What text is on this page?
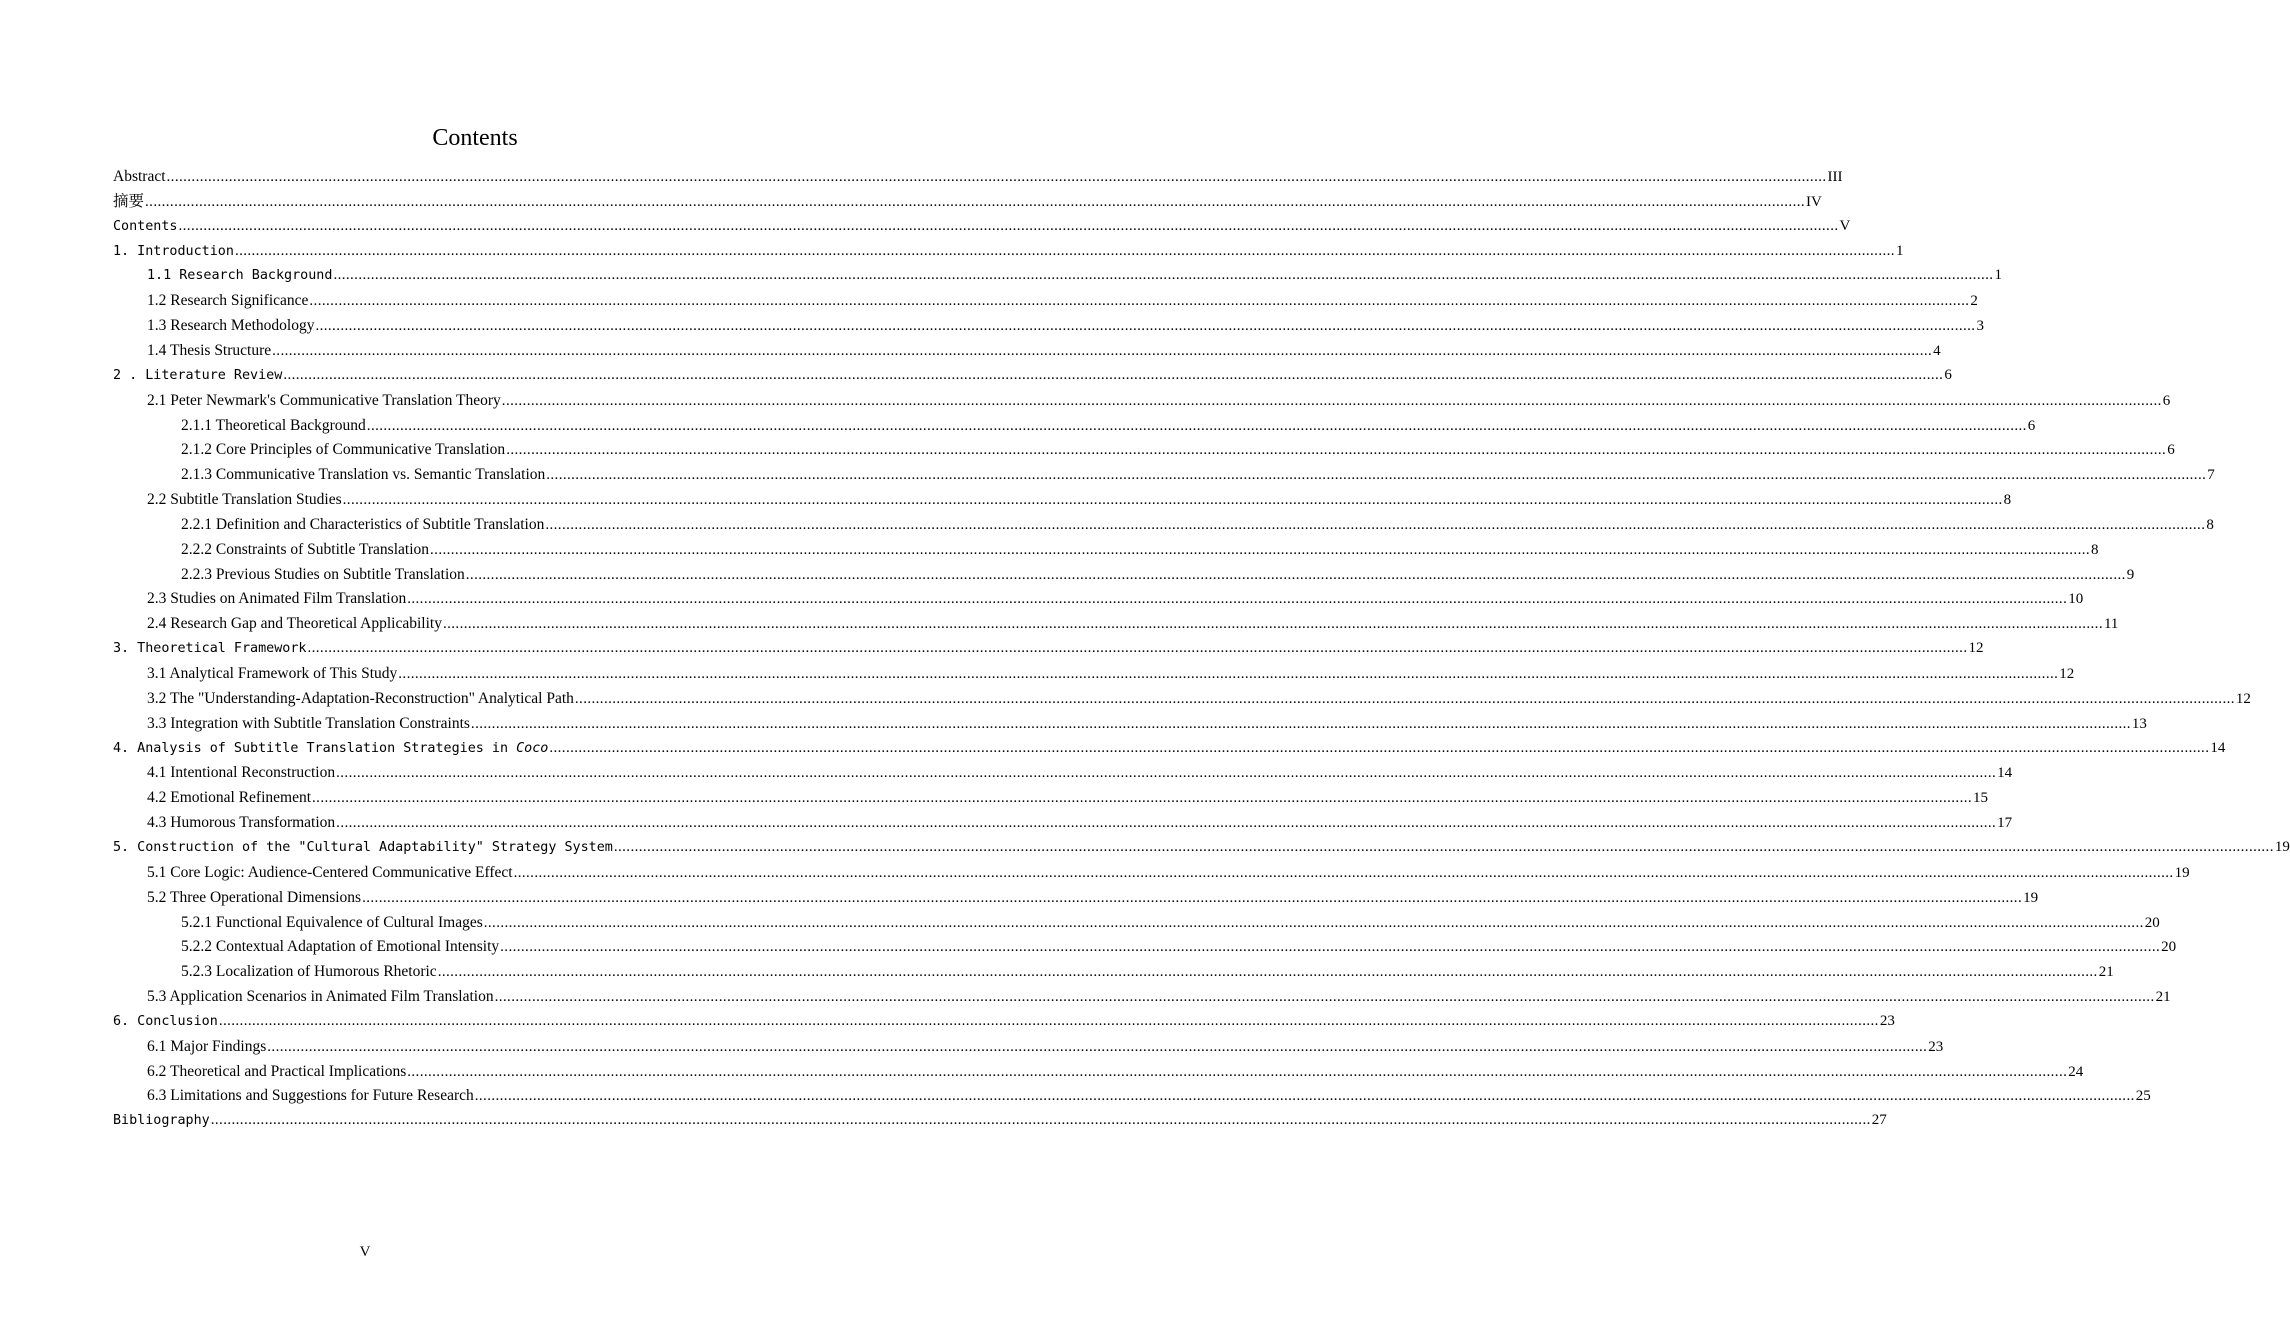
Contents
Abstract ................................................................................................................................................................................................................................................................................................................................................................................................................ III
摘要 ................................................................................................................................................................................................................................................................................................................................................................................................................ IV
Contents ................................................................................................................................................................................................................................................................................................................................................................................................................ V
1. Introduction ................................................................................................................................................................................................................................................................................................................................................................................................................ 1
1.1 Research Background ................................................................................................................................................................................................................................................................................................................................................................................................................ 1
1.2 Research Significance ................................................................................................................................................................................................................................................................................................................................................................................................................ 2
1.3 Research Methodology ................................................................................................................................................................................................................................................................................................................................................................................................................ 3
1.4 Thesis Structure ................................................................................................................................................................................................................................................................................................................................................................................................................ 4
2 . Literature Review ................................................................................................................................................................................................................................................................................................................................................................................................................ 6
2.1 Peter Newmark's Communicative Translation Theory ................................................................................................................................................................................................................................................................................................................................................................................................................ 6
2.1.1 Theoretical Background ................................................................................................................................................................................................................................................................................................................................................................................................................ 6
2.1.2 Core Principles of Communicative Translation ................................................................................................................................................................................................................................................................................................................................................................................................................ 6
2.1.3 Communicative Translation vs. Semantic Translation ................................................................................................................................................................................................................................................................................................................................................................................................................ 7
2.2 Subtitle Translation Studies ................................................................................................................................................................................................................................................................................................................................................................................................................ 8
2.2.1 Definition and Characteristics of Subtitle Translation ................................................................................................................................................................................................................................................................................................................................................................................................................ 8
2.2.2 Constraints of Subtitle Translation ................................................................................................................................................................................................................................................................................................................................................................................................................ 8
2.2.3 Previous Studies on Subtitle Translation ................................................................................................................................................................................................................................................................................................................................................................................................................ 9
2.3 Studies on Animated Film Translation ................................................................................................................................................................................................................................................................................................................................................................................................................ 10
2.4 Research Gap and Theoretical Applicability ................................................................................................................................................................................................................................................................................................................................................................................................................ 11
3. Theoretical Framework ................................................................................................................................................................................................................................................................................................................................................................................................................ 12
3.1 Analytical Framework of This Study ................................................................................................................................................................................................................................................................................................................................................................................................................ 12
3.2 The "Understanding-Adaptation-Reconstruction" Analytical Path ................................................................................................................................................................................................................................................................................................................................................................................................................ 12
3.3 Integration with Subtitle Translation Constraints ................................................................................................................................................................................................................................................................................................................................................................................................................ 13
4. Analysis of Subtitle Translation Strategies in Coco ................................................................................................................................................................................................................................................................................................................................................................................................................ 14
4.1 Intentional Reconstruction ................................................................................................................................................................................................................................................................................................................................................................................................................ 14
4.2 Emotional Refinement ................................................................................................................................................................................................................................................................................................................................................................................................................ 15
4.3 Humorous Transformation ................................................................................................................................................................................................................................................................................................................................................................................................................ 17
5. Construction of the "Cultural Adaptability" Strategy System ................................................................................................................................................................................................................................................................................................................................................................................................................ 19
5.1 Core Logic: Audience-Centered Communicative Effect ................................................................................................................................................................................................................................................................................................................................................................................................................ 19
5.2 Three Operational Dimensions ................................................................................................................................................................................................................................................................................................................................................................................................................ 19
5.2.1 Functional Equivalence of Cultural Images ................................................................................................................................................................................................................................................................................................................................................................................................................ 20
5.2.2 Contextual Adaptation of Emotional Intensity ................................................................................................................................................................................................................................................................................................................................................................................................................ 20
5.2.3 Localization of Humorous Rhetoric ................................................................................................................................................................................................................................................................................................................................................................................................................ 21
5.3 Application Scenarios in Animated Film Translation ................................................................................................................................................................................................................................................................................................................................................................................................................ 21
6. Conclusion ................................................................................................................................................................................................................................................................................................................................................................................................................ 23
6.1 Major Findings ................................................................................................................................................................................................................................................................................................................................................................................................................ 23
6.2 Theoretical and Practical Implications ................................................................................................................................................................................................................................................................................................................................................................................................................ 24
6.3 Limitations and Suggestions for Future Research ................................................................................................................................................................................................................................................................................................................................................................................................................ 25
Bibliography ................................................................................................................................................................................................................................................................................................................................................................................................................ 27
V
